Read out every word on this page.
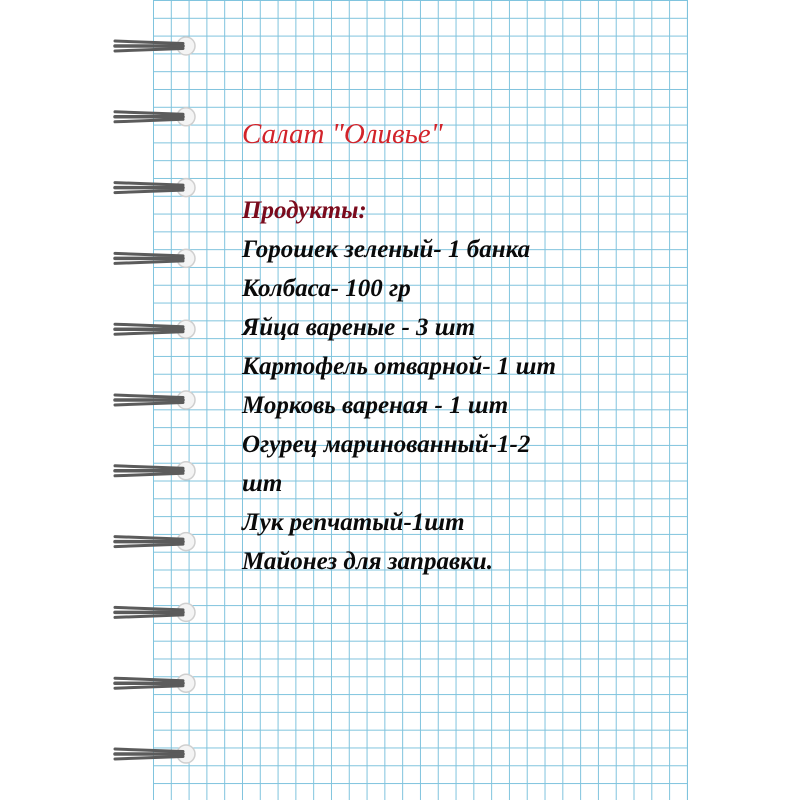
Салат "Оливье"
Продукты:
Горошек зеленый- 1 банка
Колбаса- 100 гр
Яйца вареные - 3 шт
Картофель отварной- 1 шт
Морковь вареная - 1 шт
Огурец маринованный-1-2
шт
Лук репчатый-1шт
Майонез для заправки.
